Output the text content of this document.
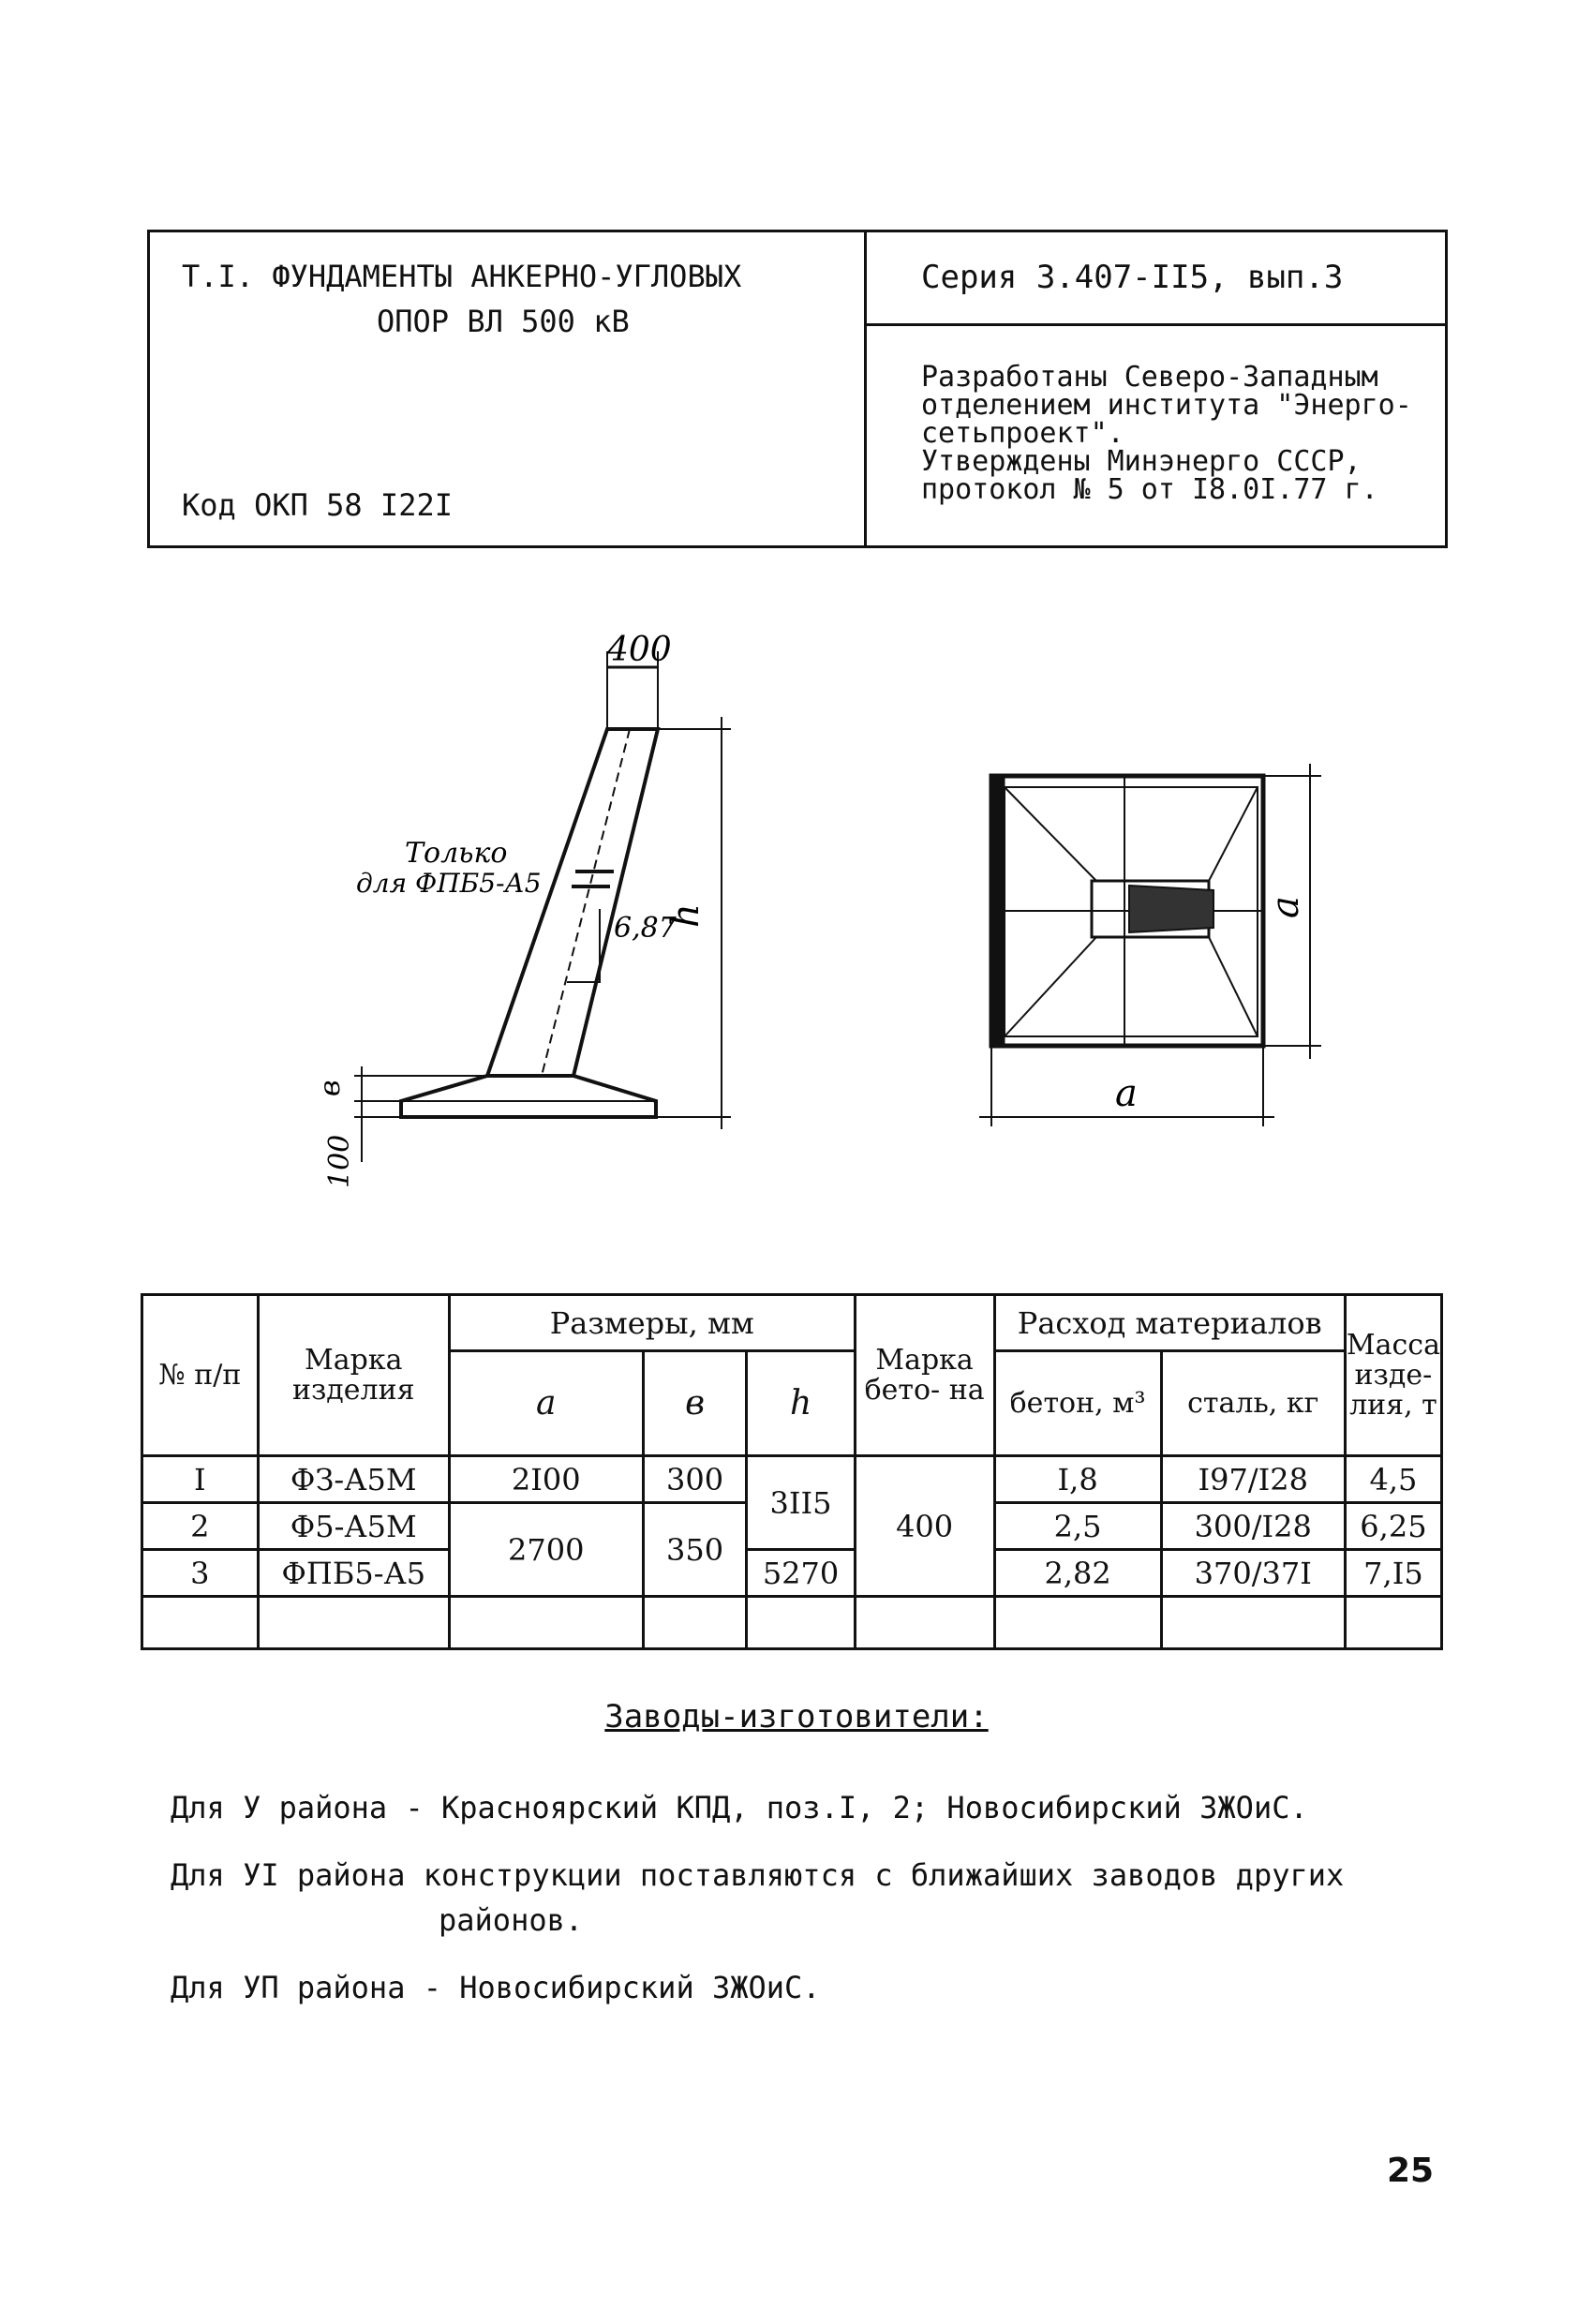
Т.I. ФУНДАМЕНТЫ АНКЕРНО-УГЛОВЫХ
ОПОР ВЛ 500 кВ
Код ОКП 58 I22I
Серия 3.407-II5, вып.3
Разработаны Северо-Западным
отделением института "Энерго-
сетьпроект".
Утверждены Минэнерго СССР,
протокол № 5 от I8.0I.77 г.
400
Только
для ФПБ5-А5
6,87
h
в
100
a
a
№ п/п	Марка изделия	Размеры, мм			Марка бето- на	Расход материалов		Масса изде- лия, т
		a	в	h		бетон, м³	сталь, кг	
I	ФЗ-А5М	2I00	300	3II5	400	I,8	I97/I28	4,5
2	Ф5-А5М	2700	350			2,5	300/I28	6,25
3	ФПБ5-А5			5270		2,82	370/37I	7,I5

Заводы-изготовители:
Для У района - Красноярский КПД, поз.I, 2; Новосибирский ЗЖОиС.
Для УI района конструкции поставляются с ближайших заводов других
районов.
Для УП района - Новосибирский ЗЖОиС.
25
